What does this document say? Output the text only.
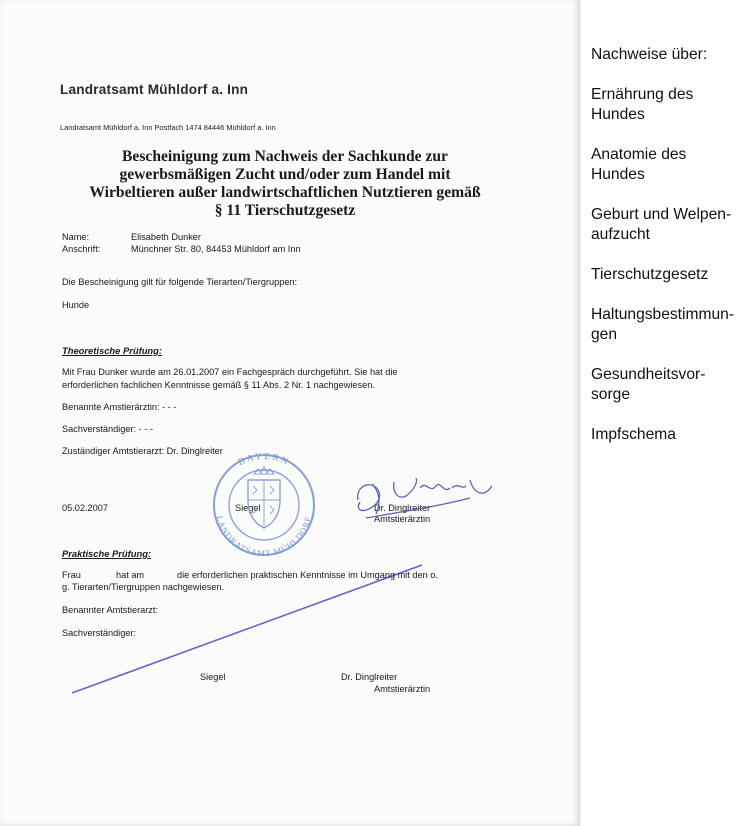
Landratsamt Mühldorf a. Inn
Landratsamt Mühldorf a. Inn Postfach 1474 84446 Mühldorf a. Inn
Bescheinigung zum Nachweis der Sachkunde zur
gewerbsmäßigen Zucht und/oder zum Handel mit
Wirbeltieren außer landwirtschaftlichen Nutztieren gemäß
§ 11 Tierschutzgesetz
Name:	Elisabeth Dunker
Anschrift:	Münchner Str. 80, 84453 Mühldorf am Inn
Die Bescheinigung gilt für folgende Tierarten/Tiergruppen:
Hunde
Theoretische Prüfung:
Mit Frau Dunker wurde am 26.01.2007 ein Fachgespräch durchgeführt. Sie hat die
erforderlichen fachlichen Kenntnisse gemäß § 11 Abs. 2 Nr. 1 nachgewiesen.
Benannte Amstierärztin: - - -
Sachverständiger: - - -
Zuständiger Amtstierarzt: Dr. Dinglreiter
05.02.2007	Siegel	Dr. Dinglreiter
Amtstierärztin
BAYERN
LANDRATSAMT MÜHLDORF
Praktische Prüfung:
Frau	hat am	die erforderlichen praktischen Kenntnisse im Umgang mit den o.
g. Tierarten/Tiergruppen nachgewiesen.
Benannter Amtstierarzt:
Sachverständiger:
Siegel	Dr. Dinglreiter
Amtstierärztin
Nachweise über:
Ernährung des
Hundes
Anatomie des
Hundes
Geburt und Welpen-
aufzucht
Tierschutzgesetz
Haltungsbestimmun-
gen
Gesundheitsvor-
sorge
Impfschema
